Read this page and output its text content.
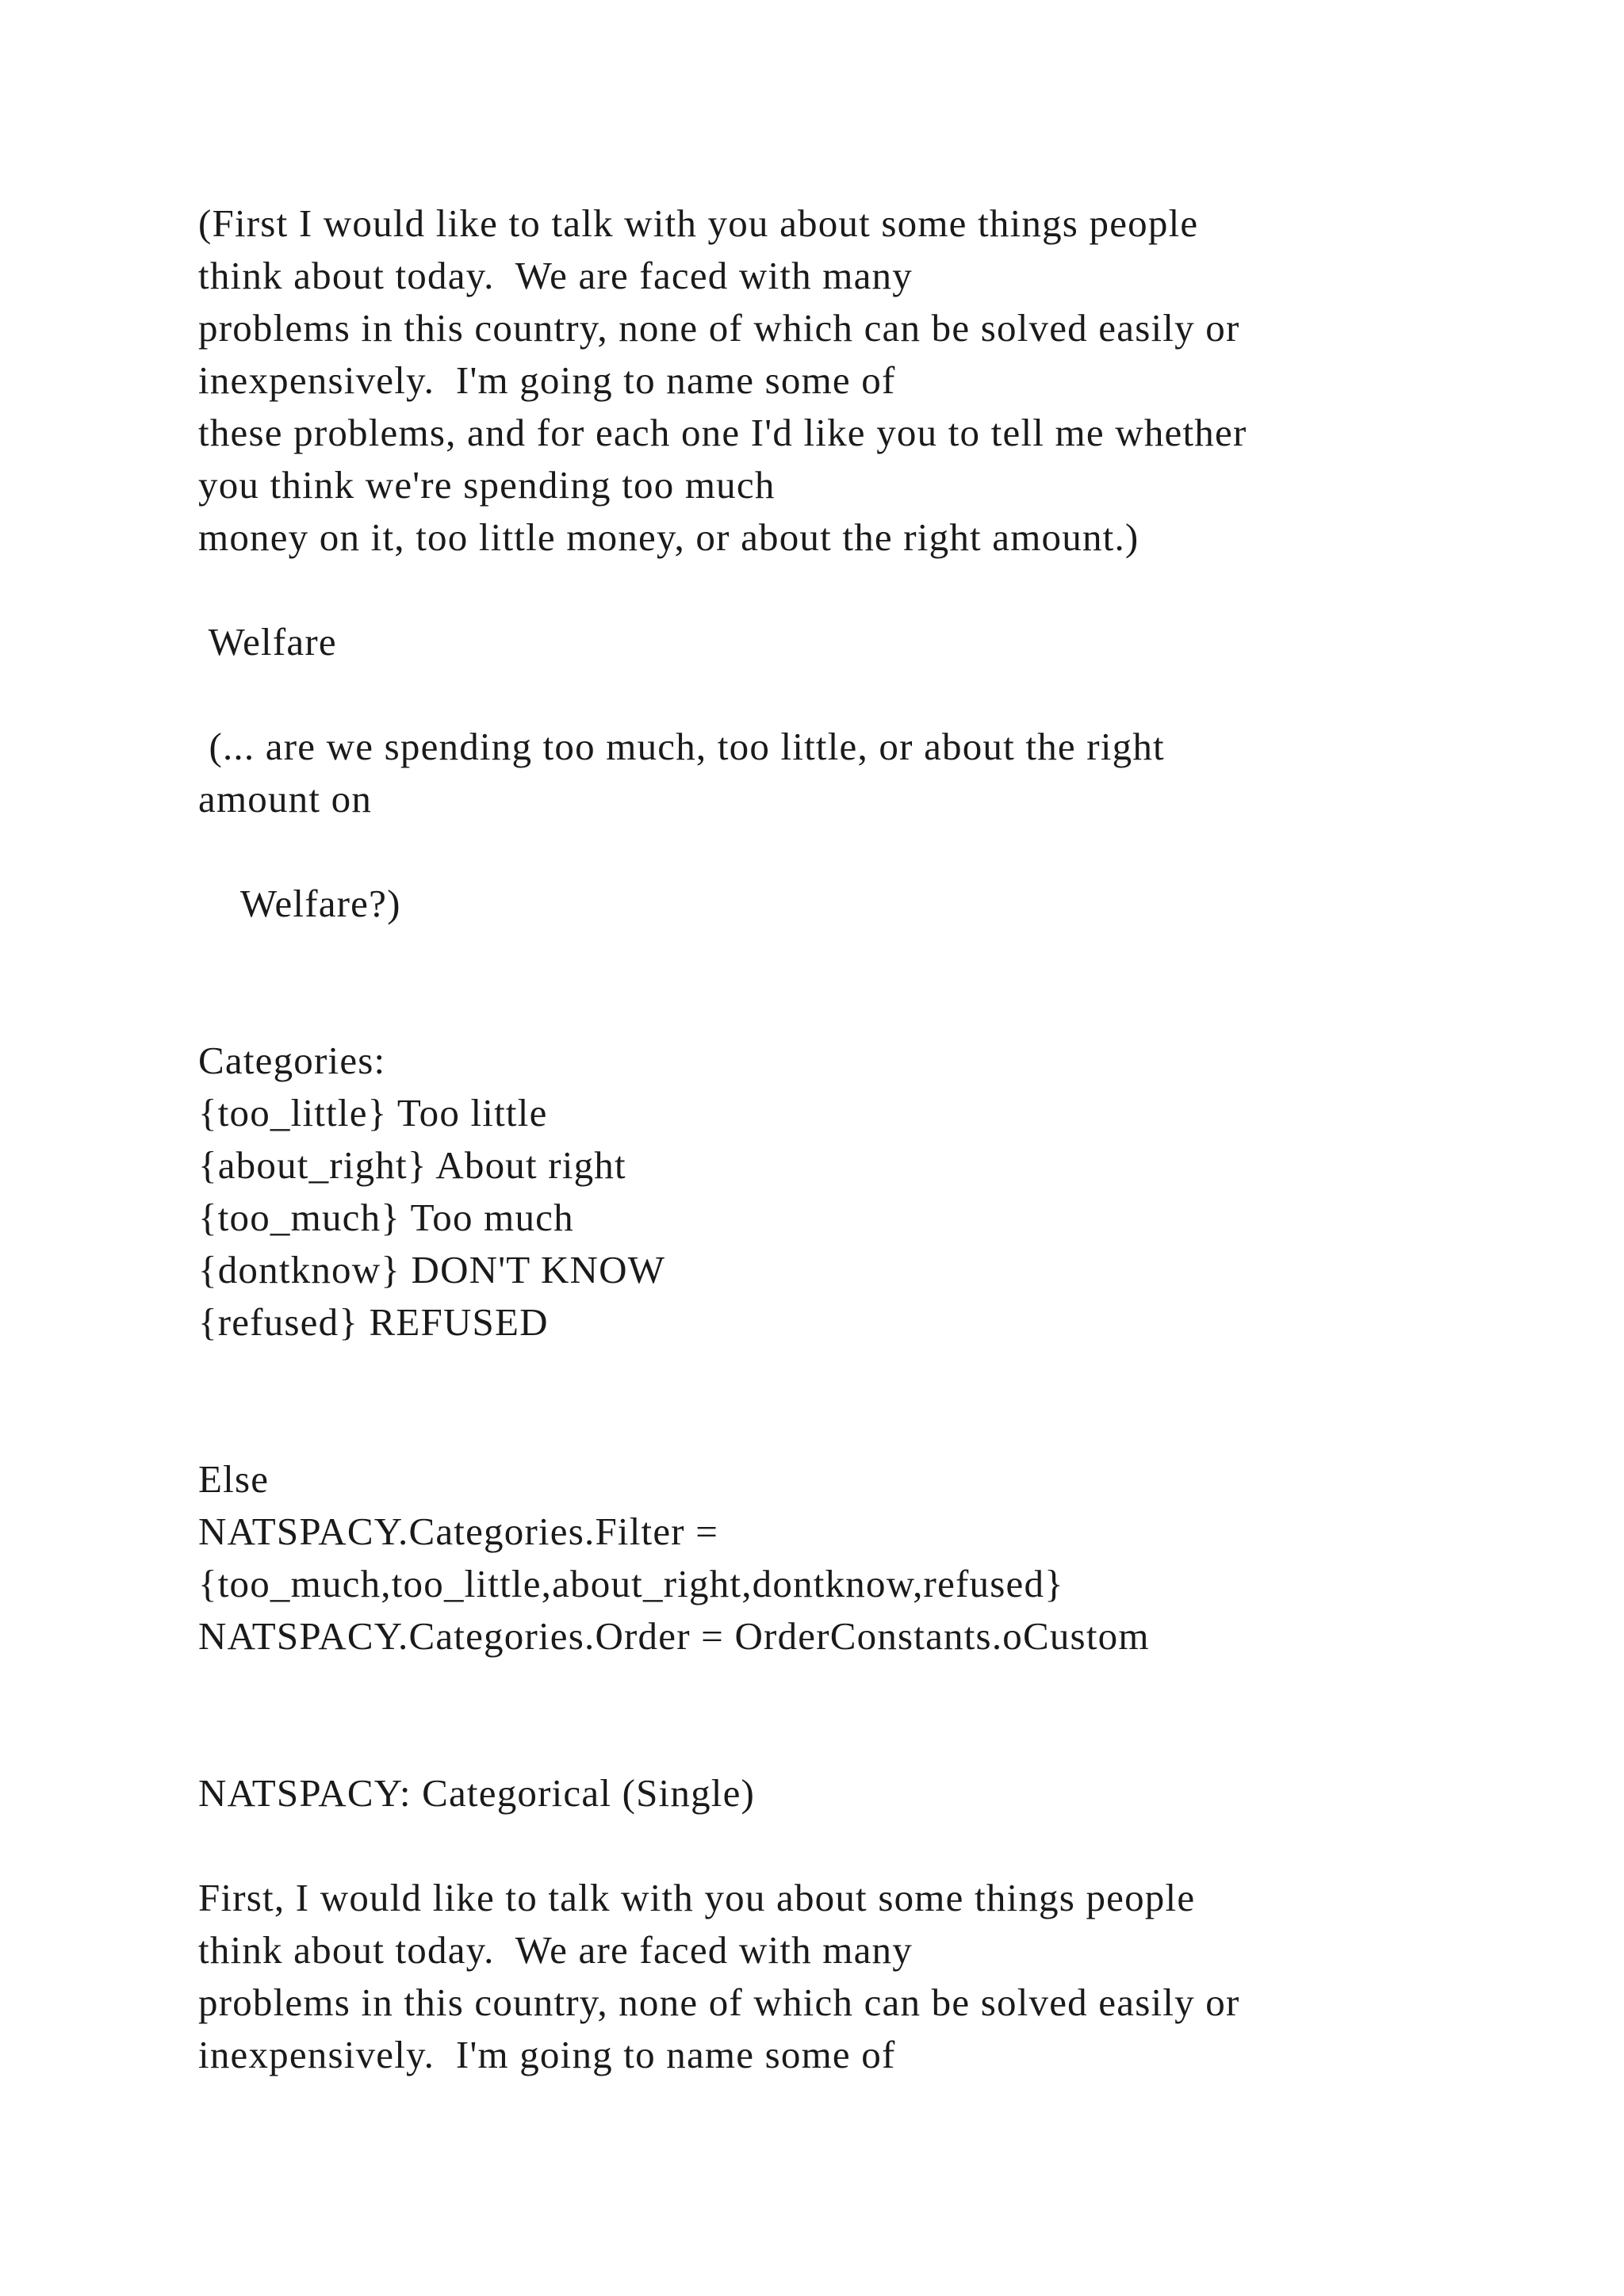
(First I would like to talk with you about some things people

think about today.  We are faced with many

problems in this country, none of which can be solved easily or

inexpensively.  I'm going to name some of

these problems, and for each one I'd like you to tell me whether

you think we're spending too much

money on it, too little money, or about the right amount.)

Welfare

(... are we spending too much, too little, or about the right

amount on

Welfare?)

Categories:

{too_little} Too little

{about_right} About right

{too_much} Too much

{dontknow} DON'T KNOW

{refused} REFUSED

Else

NATSPACY.Categories.Filter =

{too_much,too_little,about_right,dontknow,refused}

NATSPACY.Categories.Order = OrderConstants.oCustom

NATSPACY: Categorical (Single)

First, I would like to talk with you about some things people

think about today.  We are faced with many

problems in this country, none of which can be solved easily or

inexpensively.  I'm going to name some of
